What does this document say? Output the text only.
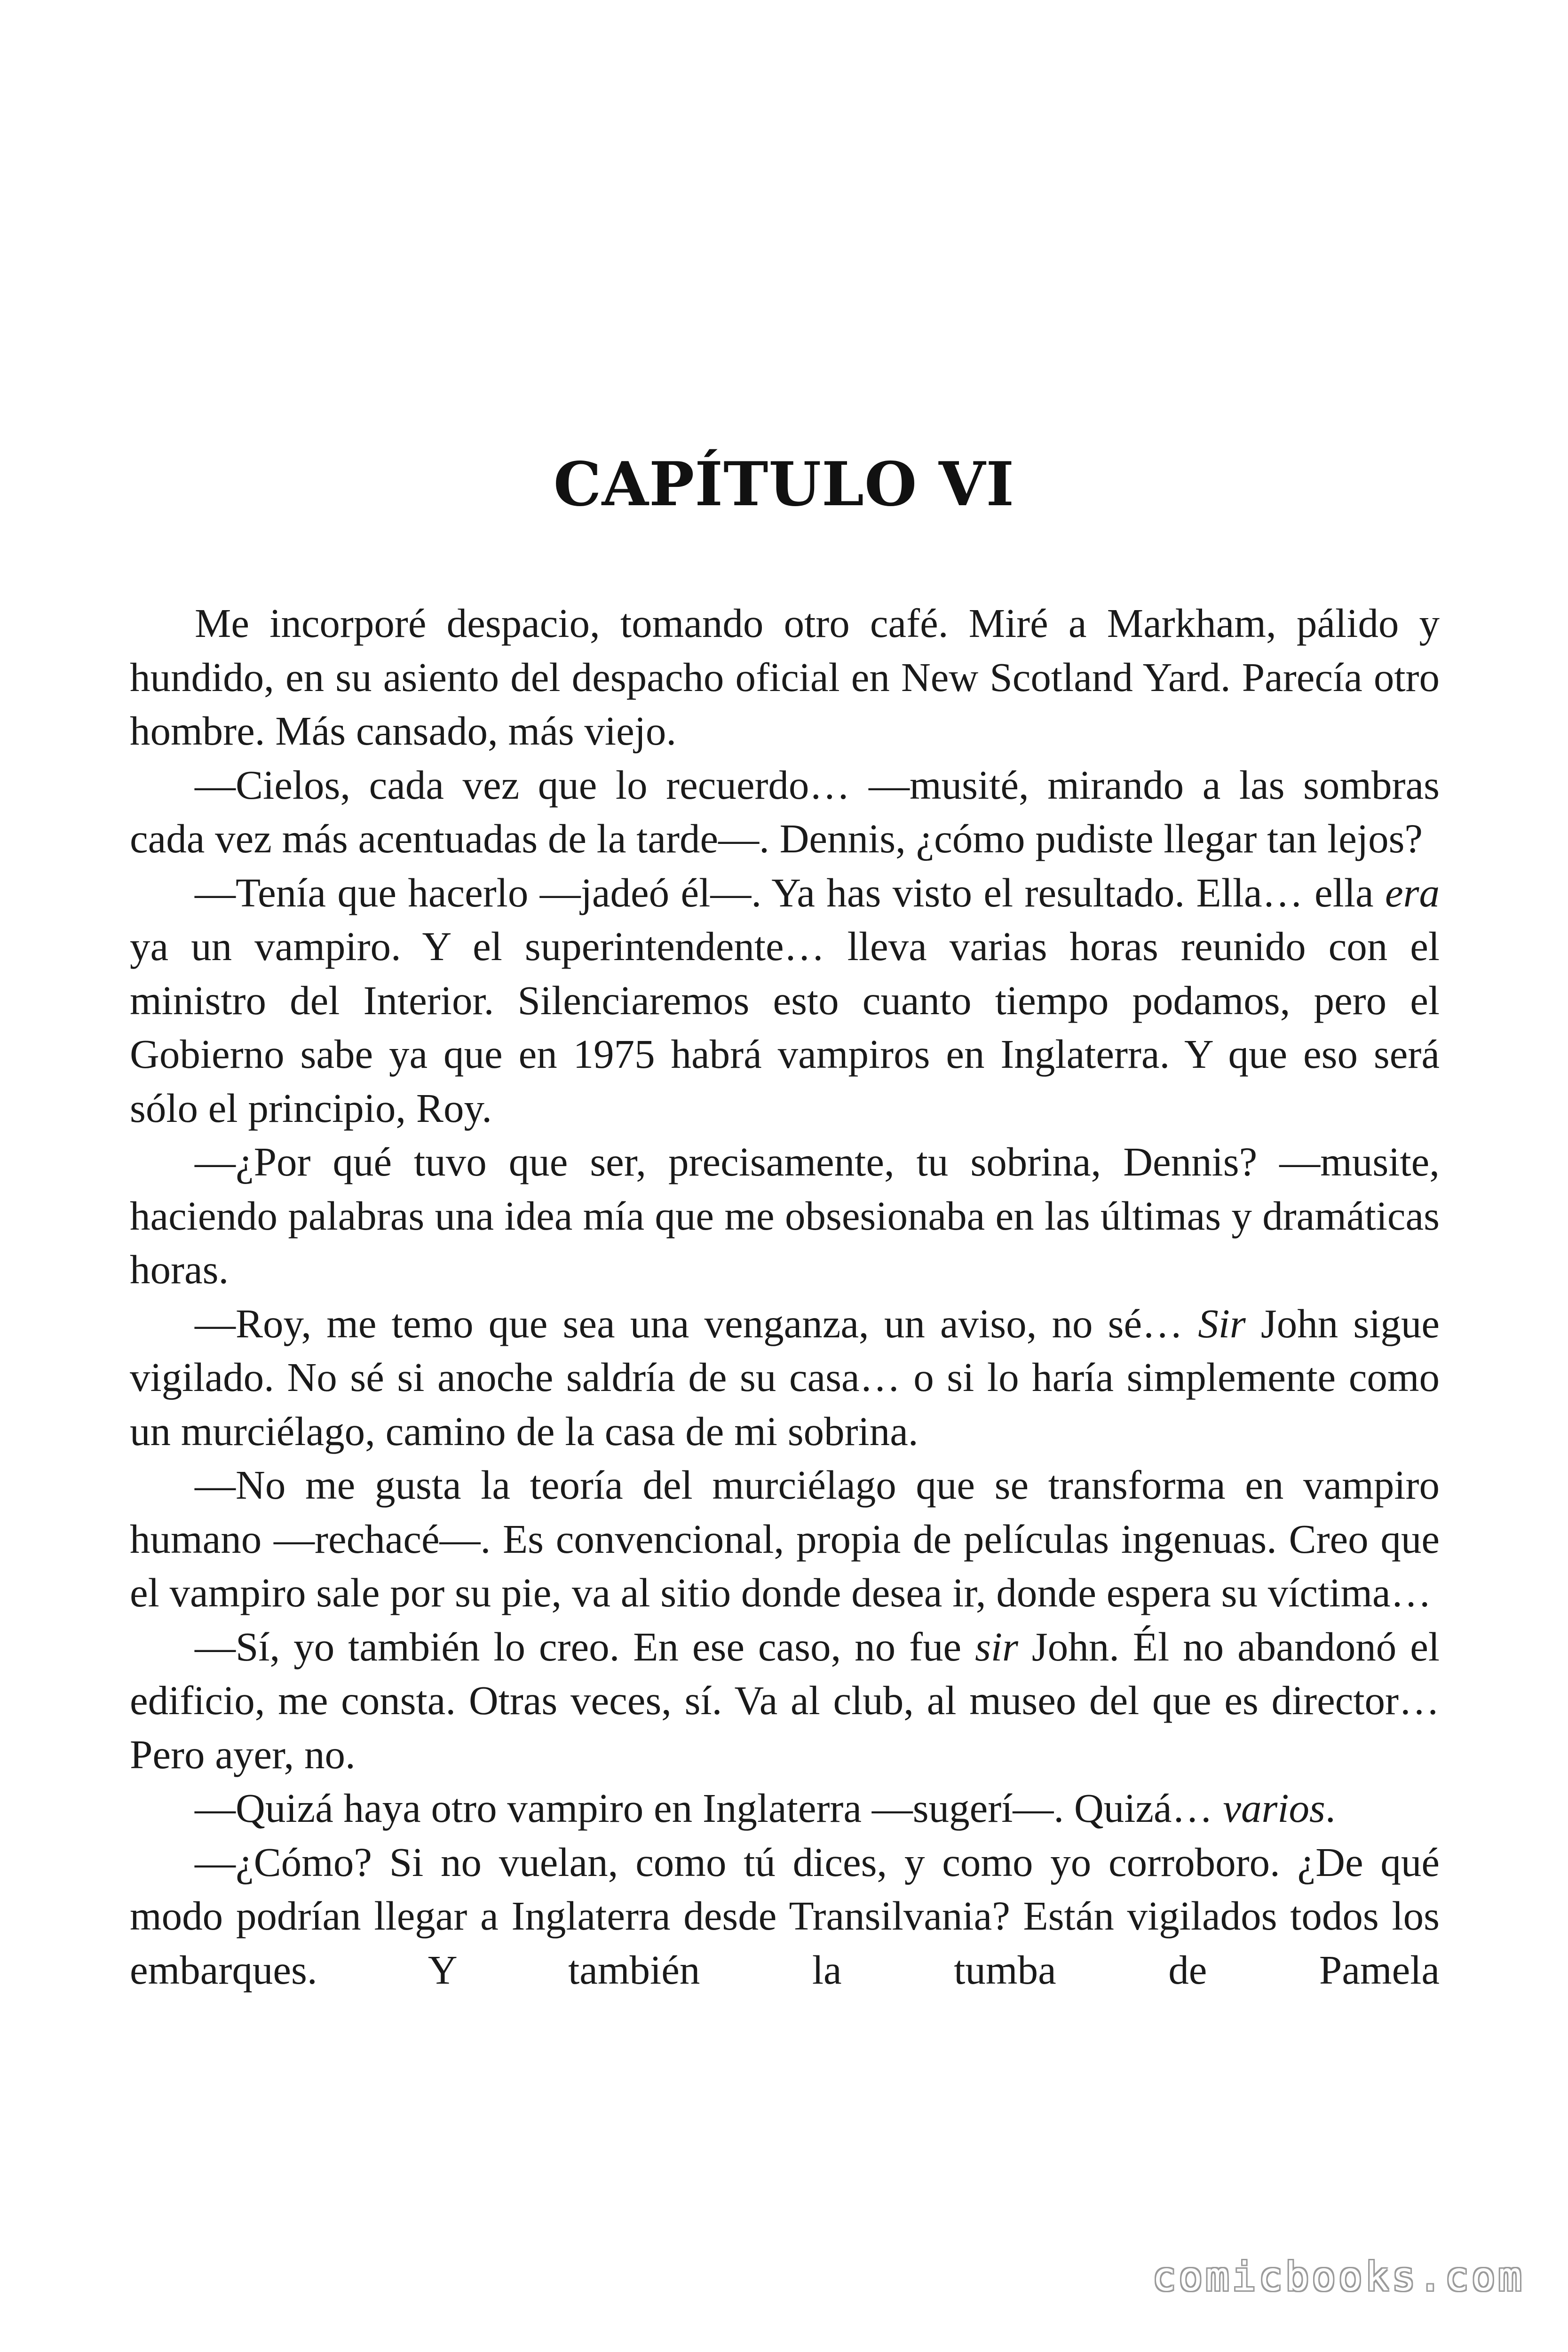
CAPÍTULO VI

Me incorporé despacio, tomando otro café. Miré a Markham, pálido y hundido, en su asiento del despacho oficial en New Scotland Yard. Parecía otro hombre. Más cansado, más viejo.

—Cielos, cada vez que lo recuerdo… —musité, mirando a las sombras cada vez más acentuadas de la tarde—. Dennis, ¿cómo pudiste llegar tan lejos?

—Tenía que hacerlo —jadeó él—. Ya has visto el resultado. Ella… ella era ya un vampiro. Y el superintendente… lleva varias horas reunido con el ministro del Interior. Silenciaremos esto cuanto tiempo podamos, pero el Gobierno sabe ya que en 1975 habrá vampiros en Inglaterra. Y que eso será sólo el principio, Roy.

—¿Por qué tuvo que ser, precisamente, tu sobrina, Dennis? —musite, haciendo palabras una idea mía que me obsesionaba en las últimas y dramáticas horas.

—Roy, me temo que sea una venganza, un aviso, no sé… Sir John sigue vigilado. No sé si anoche saldría de su casa… o si lo haría simplemente como un murciélago, camino de la casa de mi sobrina.

—No me gusta la teoría del murciélago que se transforma en vampiro humano —rechacé—. Es convencional, propia de películas ingenuas. Creo que el vampiro sale por su pie, va al sitio donde desea ir, donde espera su víctima…

—Sí, yo también lo creo. En ese caso, no fue sir John. Él no abandonó el edificio, me consta. Otras veces, sí. Va al club, al museo del que es director… Pero ayer, no.

—Quizá haya otro vampiro en Inglaterra —sugerí—. Quizá… varios.

—¿Cómo? Si no vuelan, como tú dices, y como yo corroboro. ¿De qué modo podrían llegar a Inglaterra desde Transilvania? Están vigilados todos los embarques. Y también la tumba de Pamela

comicbooks.com
